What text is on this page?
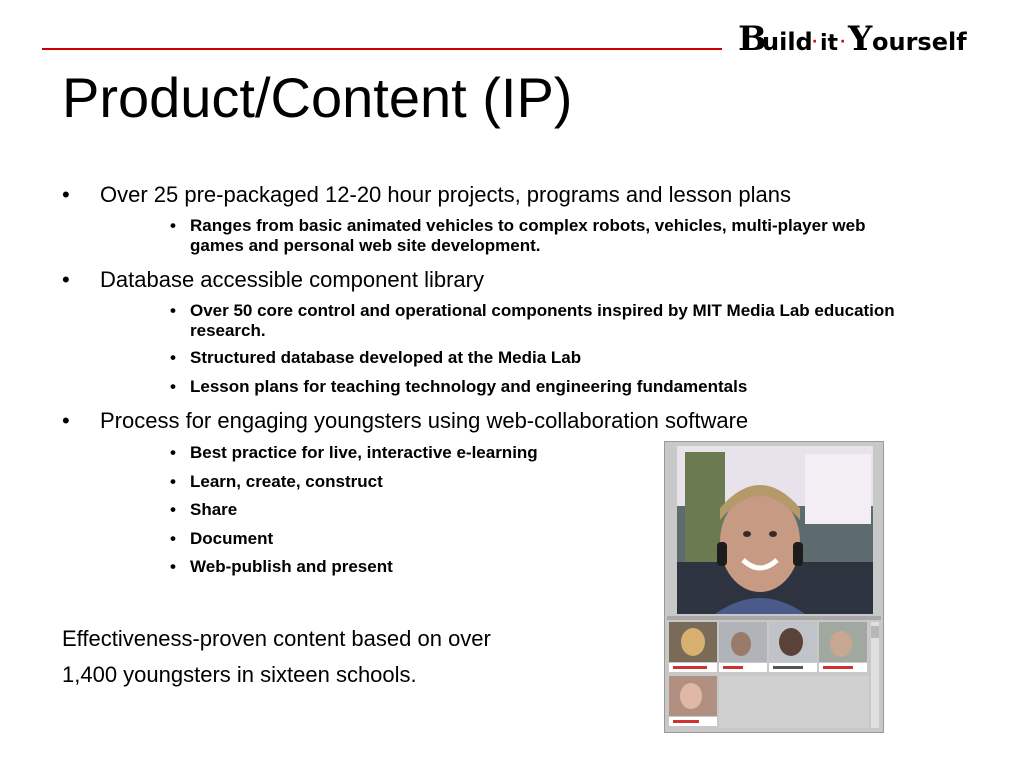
B
uild · it · Y ourself
Product/Content (IP)
• Over 25 pre-packaged 12-20 hour projects, programs and lesson plans
• Ranges from basic animated vehicles to complex robots, vehicles, multi-player web games and personal web site development.
• Database accessible component library
• Over 50 core control and operational components inspired by MIT Media Lab education research.
• Structured database developed at the Media Lab
• Lesson plans for teaching technology and engineering fundamentals
• Process for engaging youngsters using web-collaboration software
• Best practice for live, interactive e-learning
• Learn, create, construct
• Share
• Document
• Web-publish and present
Effectiveness-proven content based on over
1,400 youngsters in sixteen schools.
